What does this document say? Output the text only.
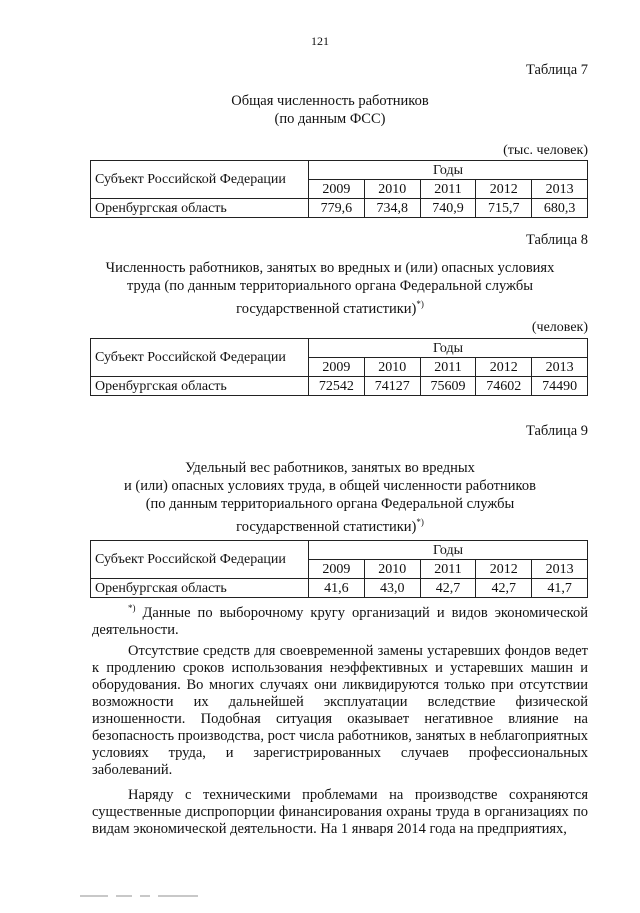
121
Таблица 7
Общая численность работников
(по данным ФСС)
(тыс. человек)
Субъект Российской Федерации	Годы				
	2009	2010	2011	2012	2013
Оренбургская область	779,6	734,8	740,9	715,7	680,3
Таблица 8
Численность работников, занятых во вредных и (или) опасных условиях
труда (по данным территориального органа Федеральной службы
государственной статистики)*)
(человек)
Субъект Российской Федерации	Годы				
	2009	2010	2011	2012	2013
Оренбургская область	72542	74127	75609	74602	74490
Таблица 9
Удельный вес работников, занятых во вредных
и (или) опасных условиях труда, в общей численности работников
(по данным территориального органа Федеральной службы
государственной статистики)*)
Субъект Российской Федерации	Годы				
	2009	2010	2011	2012	2013
Оренбургская область	41,6	43,0	42,7	42,7	41,7

*) Данные по выборочному кругу организаций и видов экономической деятельности.

Отсутствие средств для своевременной замены устаревших фондов ведет к продлению сроков использования неэффективных и устаревших машин и оборудования. Во многих случаях они ликвидируются только при отсутствии возможности их дальнейшей эксплуатации вследствие физической изношенности. Подобная ситуация оказывает негативное влияние на безопасность производства, рост числа работников, занятых в неблагоприятных условиях труда, и зарегистрированных случаев профессиональных заболеваний.

Наряду с техническими проблемами на производстве сохраняются существенные диспропорции финансирования охраны труда в организациях по видам экономической деятельности. На 1 января 2014 года на предприятиях,
